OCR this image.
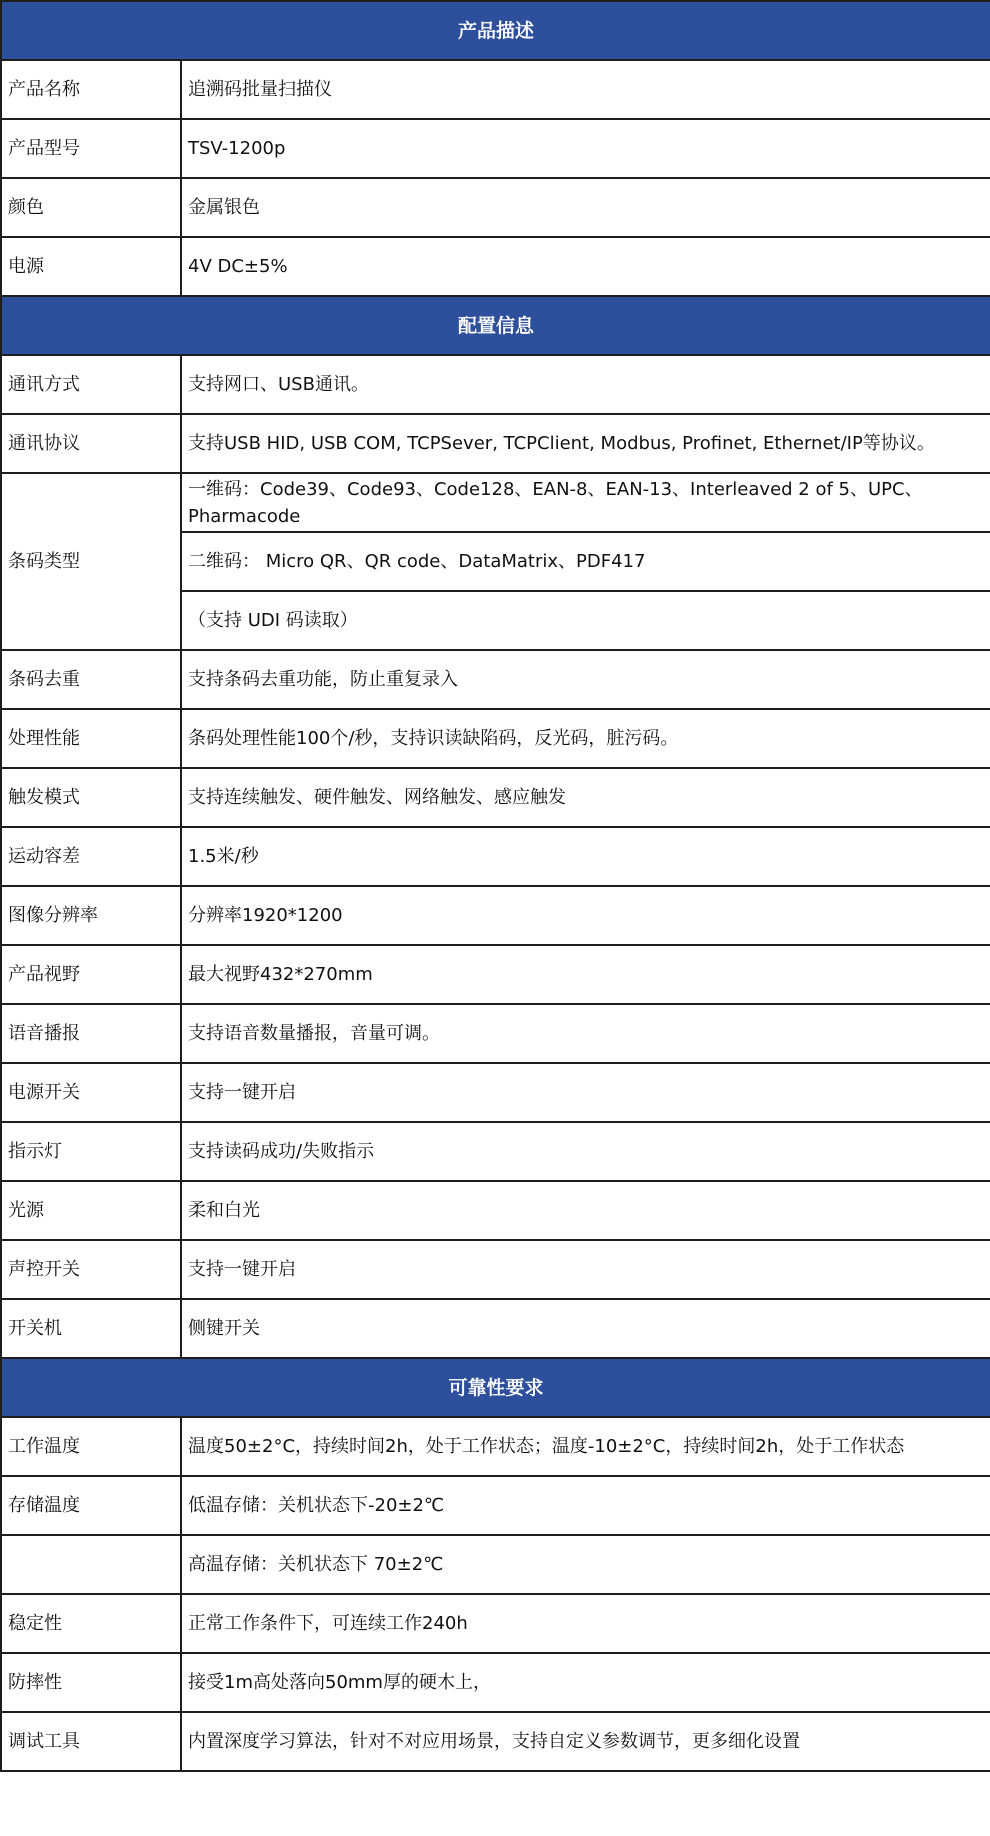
产品描述	
产品名称	追溯码批量扫描仪
产品型号	TSV-1200p
颜色	金属银色
电源	4V DC±5%
配置信息	
通讯方式	支持网口、USB通讯。
通讯协议	支持USB HID, USB COM, TCPSever, TCPClient, Modbus, Profinet, Ethernet/IP等协议。
条码类型	一维码：Code39、Code93、Code128、EAN-8、EAN-13、Interleaved 2 of 5、UPC、Pharmacode
	二维码： Micro QR、QR code、DataMatrix、PDF417
	（支持 UDI 码读取）
条码去重	支持条码去重功能，防止重复录入
处理性能	条码处理性能100个/秒，支持识读缺陷码，反光码，脏污码。
触发模式	支持连续触发、硬件触发、网络触发、感应触发
运动容差	1.5米/秒
图像分辨率	分辨率1920*1200
产品视野	最大视野432*270mm
语音播报	支持语音数量播报，音量可调。
电源开关	支持一键开启
指示灯	支持读码成功/失败指示
光源	柔和白光
声控开关	支持一键开启
开关机	侧键开关
可靠性要求	
工作温度	温度50±2°C，持续时间2h，处于工作状态；温度-10±2°C，持续时间2h，处于工作状态
存储温度	低温存储：关机状态下-20±2℃
	高温存储：关机状态下 70±2℃
稳定性	正常工作条件下，可连续工作240h
防摔性	接受1m高处落向50mm厚的硬木上，
调试工具	内置深度学习算法，针对不对应用场景，支持自定义参数调节，更多细化设置
